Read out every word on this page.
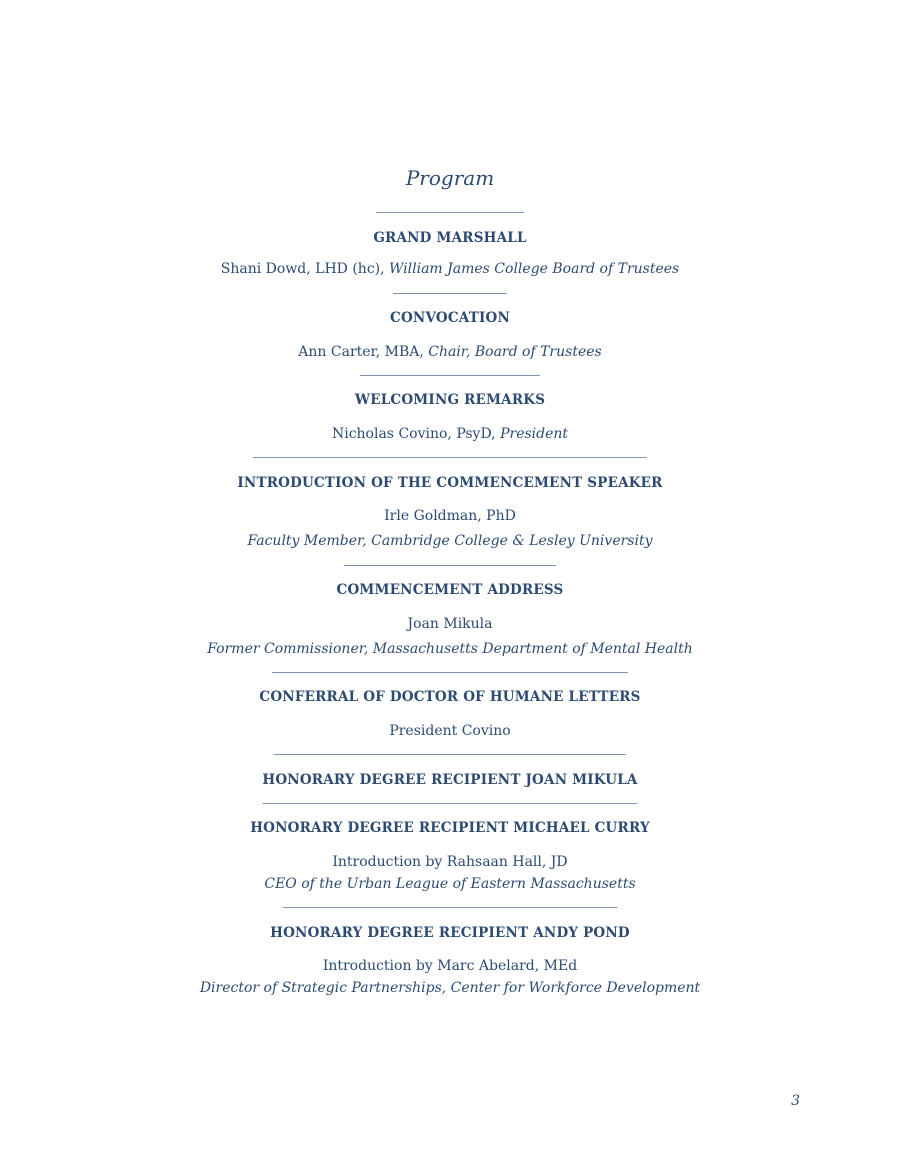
Program
GRAND MARSHALL
Shani Dowd, LHD (hc), William James College Board of Trustees
CONVOCATION
Ann Carter, MBA, Chair, Board of Trustees
WELCOMING REMARKS
Nicholas Covino, PsyD, President
INTRODUCTION OF THE COMMENCEMENT SPEAKER
Irle Goldman, PhD
Faculty Member, Cambridge College & Lesley University
COMMENCEMENT ADDRESS
Joan Mikula
Former Commissioner, Massachusetts Department of Mental Health
CONFERRAL OF DOCTOR OF HUMANE LETTERS
President Covino
HONORARY DEGREE RECIPIENT JOAN MIKULA
HONORARY DEGREE RECIPIENT MICHAEL CURRY
Introduction by Rahsaan Hall, JD
CEO of the Urban League of Eastern Massachusetts
HONORARY DEGREE RECIPIENT ANDY POND
Introduction by Marc Abelard, MEd
Director of Strategic Partnerships, Center for Workforce Development
3
